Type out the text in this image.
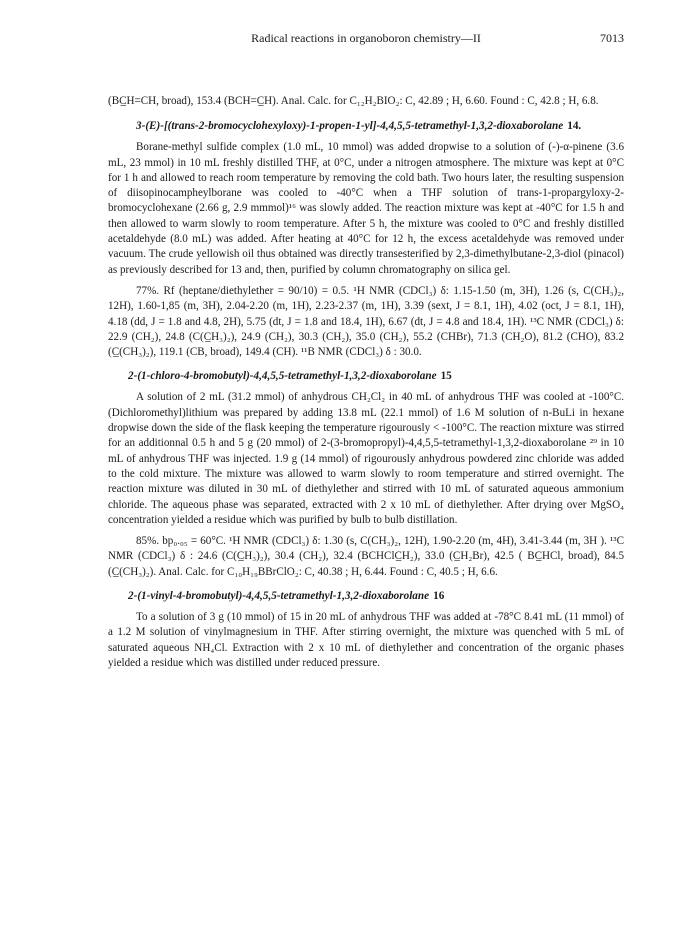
Radical reactions in organoboron chemistry—II	7013

(BC̲H=CH, broad), 153.4 (BCH=C̲H). Anal. Calc. for C₁₂H₂BIO₂: C, 42.89 ; H, 6.60. Found : C, 42.8 ; H, 6.8.

3-(E)-[(trans-2-bromocyclohexyloxy)-1-propen-1-yl]-4,4,5,5-tetramethyl-1,3,2-dioxaborolane 14.

Borane-methyl sulfide complex (1.0 mL, 10 mmol) was added dropwise to a solution of (-)-α-pinene (3.6 mL, 23 mmol) in 10 mL freshly distilled THF, at 0°C, under a nitrogen atmosphere. The mixture was kept at 0°C for 1 h and allowed to reach room temperature by removing the cold bath. Two hours later, the resulting suspension of diisopinocampheylborane was cooled to -40°C when a THF solution of trans-1-propargyloxy-2-bromocyclohexane (2.66 g, 2.9 mmmol)¹⁶ was slowly added. The reaction mixture was kept at -40°C for 1.5 h and then allowed to warm slowly to room temperature. After 5 h, the mixture was cooled to 0°C and freshly distilled acetaldehyde (8.0 mL) was added. After heating at 40°C for 12 h, the excess acetaldehyde was removed under vacuum. The crude yellowish oil thus obtained was directly transesterified by 2,3-dimethylbutane-2,3-diol (pinacol) as previously described for 13 and, then, purified by column chromatography on silica gel.

77%. Rf (heptane/diethylether = 90/10) = 0.5. ¹H NMR (CDCl₃) δ: 1.15-1.50 (m, 3H), 1.26 (s, C(CH₃)₂, 12H), 1.60-1,85 (m, 3H), 2.04-2.20 (m, 1H), 2.23-2.37 (m, 1H), 3.39 (sext, J = 8.1, 1H), 4.02 (oct, J = 8.1, 1H), 4.18 (dd, J = 1.8 and 4.8, 2H), 5.75 (dt, J = 1.8 and 18.4, 1H), 6.67 (dt, J = 4.8 and 18.4, 1H). ¹³C NMR (CDCl₃) δ: 22.9 (CH₂), 24.8 (C(C̲H₃)₂), 24.9 (CH₂), 30.3 (CH₂), 35.0 (CH₂), 55.2 (CHBr), 71.3 (CH₂O), 81.2 (CHO), 83.2 (C̲(CH₃)₂), 119.1 (CB, broad), 149.4 (CH). ¹¹B NMR (CDCl₃) δ : 30.0.

2-(1-chloro-4-bromobutyl)-4,4,5,5-tetramethyl-1,3,2-dioxaborolane 15

A solution of 2 mL (31.2 mmol) of anhydrous CH₂Cl₂ in 40 mL of anhydrous THF was cooled at -100°C. (Dichloromethyl)lithium was prepared by adding 13.8 mL (22.1 mmol) of 1.6 M solution of n-BuLi in hexane dropwise down the side of the flask keeping the temperature rigourously < -100°C. The reaction mixture was stirred for an additionnal 0.5 h and 5 g (20 mmol) of 2-(3-bromopropyl)-4,4,5,5-tetramethyl-1,3,2-dioxaborolane ²⁹ in 10 mL of anhydrous THF was injected. 1.9 g (14 mmol) of rigourously anhydrous powdered zinc chloride was added to the cold mixture. The mixture was allowed to warm slowly to room temperature and stirred overnight. The reaction mixture was diluted in 30 mL of diethylether and stirred with 10 mL of saturated aqueous ammonium chloride. The aqueous phase was separated, extracted with 2 x 10 mL of diethylether. After drying over MgSO₄ concentration yielded a residue which was purified by bulb to bulb distillation.

85%. bp₀.₀₅ = 60°C. ¹H NMR (CDCl₃) δ: 1.30 (s, C(CH₃)₂, 12H), 1.90-2.20 (m, 4H), 3.41-3.44 (m, 3H ). ¹³C NMR (CDCl₃) δ : 24.6 (C(C̲H₃)₂), 30.4 (CH₂), 32.4 (BCHClC̲H₂), 33.0 (C̲H₂Br), 42.5 ( BC̲HCl, broad), 84.5 (C̲(CH₃)₂). Anal. Calc. for C₁₀H₁₉BBrClO₂: C, 40.38 ; H, 6.44. Found : C, 40.5 ; H, 6.6.

2-(1-vinyl-4-bromobutyl)-4,4,5,5-tetramethyl-1,3,2-dioxaborolane 16

To a solution of 3 g (10 mmol) of 15 in 20 mL of anhydrous THF was added at -78°C 8.41 mL (11 mmol) of a 1.2 M solution of vinylmagnesium in THF. After stirring overnight, the mixture was quenched with 5 mL of saturated aqueous NH₄Cl. Extraction with 2 x 10 mL of diethylether and concentration of the organic phases yielded a residue which was distilled under reduced pressure.
